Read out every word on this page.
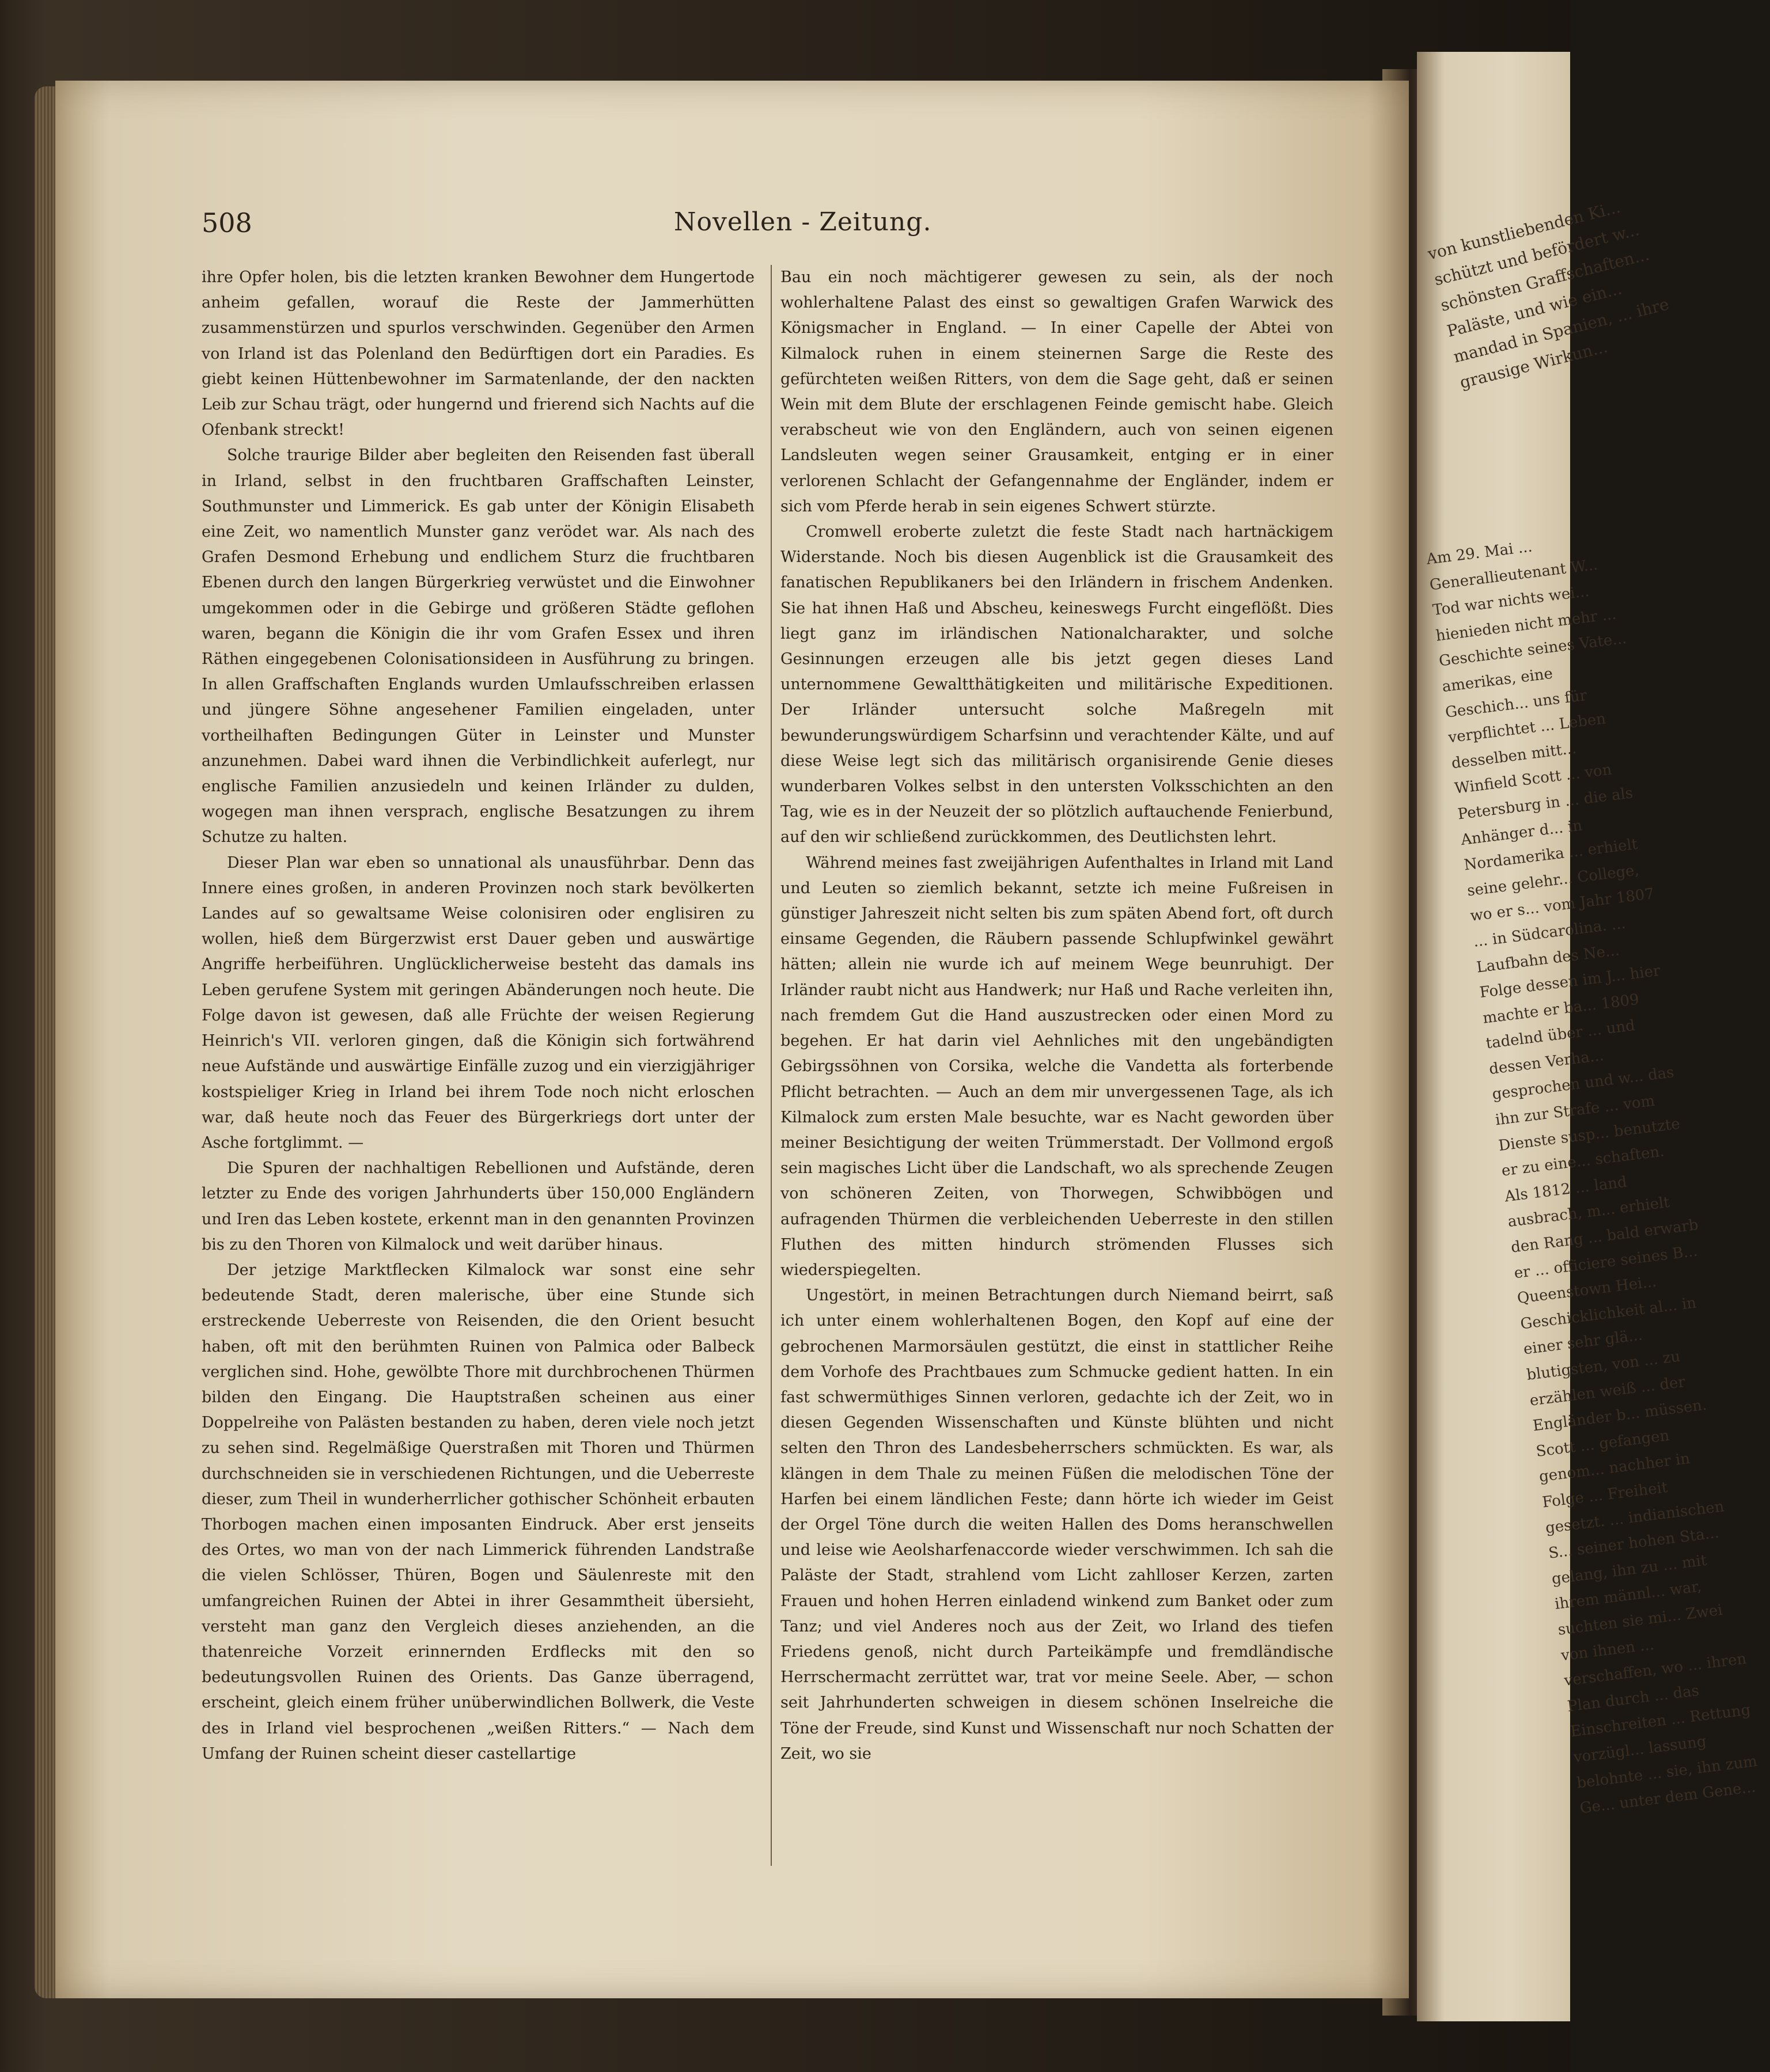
von kunstliebenden Ki... schützt und befördert w... schönsten Graffschaften... Paläste, und wie ein... mandad in Spanien, ... ihre grausige Wirkun...
Am 29. Mai ... Generallieutenant W... Tod war nichts wei... hienieden nicht mehr ... Geschichte seines Vate... amerikas, eine Geschich... uns für verpflichtet ... Leben desselben mitt... Winfield Scott ... von Petersburg in ... die als Anhänger d... in Nordamerika ... erhielt seine gelehr... College, wo er s... vom Jahr 1807 ... in Südcarolina. ... Laufbahn des Ne... Folge dessen im J... hier machte er ba... 1809 tadelnd über ... und dessen Verha... gesprochen und w... das ihn zur Strafe ... vom Dienste susp... benutzte er zu eine... schaften. Als 1812 ... land ausbrach, m... erhielt den Rang ... bald erwarb er ... officiere seines B... Queenstown Hei... Geschicklichkeit al... in einer sehr glä... blutigsten, von ... zu erzählen weiß ... der Engländer b... müssen. Scott ... gefangen genom... nachher in Folge ... Freiheit gesetzt. ... indianischen S... seiner hohen Sta... gelang, ihn zu ... mit ihrem männl... war, suchten sie mi... Zwei von ihnen ... verschaffen, wo ... ihren Plan durch ... das Einschreiten ... Rettung vorzügl... lassung belohnte ... sie, ihn zum Ge... unter dem Gene...
508	Novellen - Zeitung.

ihre Opfer holen, bis die letzten kranken Bewohner dem Hungertode anheim gefallen, worauf die Reste der Jammerhütten zusammenstürzen und spurlos verschwinden. Gegenüber den Armen von Irland ist das Polenland den Bedürftigen dort ein Paradies. Es giebt keinen Hüttenbewohner im Sarmatenlande, der den nackten Leib zur Schau trägt, oder hungernd und frierend sich Nachts auf die Ofenbank streckt!

Solche traurige Bilder aber begleiten den Reisenden fast überall in Irland, selbst in den fruchtbaren Graffschaften Leinster, Southmunster und Limmerick. Es gab unter der Königin Elisabeth eine Zeit, wo namentlich Munster ganz verödet war. Als nach des Grafen Desmond Erhebung und endlichem Sturz die fruchtbaren Ebenen durch den langen Bürgerkrieg verwüstet und die Einwohner umgekommen oder in die Gebirge und größeren Städte geflohen waren, begann die Königin die ihr vom Grafen Essex und ihren Räthen eingegebenen Colonisationsideen in Ausführung zu bringen. In allen Graffschaften Englands wurden Umlaufsschreiben erlassen und jüngere Söhne angesehener Familien eingeladen, unter vortheilhaften Bedingungen Güter in Leinster und Munster anzunehmen. Dabei ward ihnen die Verbindlichkeit auferlegt, nur englische Familien anzusiedeln und keinen Irländer zu dulden, wogegen man ihnen versprach, englische Besatzungen zu ihrem Schutze zu halten.

Dieser Plan war eben so unnational als unausführbar. Denn das Innere eines großen, in anderen Provinzen noch stark bevölkerten Landes auf so gewaltsame Weise colonisiren oder englisiren zu wollen, hieß dem Bürgerzwist erst Dauer geben und auswärtige Angriffe herbeiführen. Unglücklicherweise besteht das damals ins Leben gerufene System mit geringen Abänderungen noch heute. Die Folge davon ist gewesen, daß alle Früchte der weisen Regierung Heinrich's VII. verloren gingen, daß die Königin sich fortwährend neue Aufstände und auswärtige Einfälle zuzog und ein vierzigjähriger kostspieliger Krieg in Irland bei ihrem Tode noch nicht erloschen war, daß heute noch das Feuer des Bürgerkriegs dort unter der Asche fortglimmt. —

Die Spuren der nachhaltigen Rebellionen und Aufstände, deren letzter zu Ende des vorigen Jahrhunderts über 150,000 Engländern und Iren das Leben kostete, erkennt man in den genannten Provinzen bis zu den Thoren von Kilmalock und weit darüber hinaus.

Der jetzige Marktflecken Kilmalock war sonst eine sehr bedeutende Stadt, deren malerische, über eine Stunde sich erstreckende Ueberreste von Reisenden, die den Orient besucht haben, oft mit den berühmten Ruinen von Palmica oder Balbeck verglichen sind. Hohe, gewölbte Thore mit durchbrochenen Thürmen bilden den Eingang. Die Hauptstraßen scheinen aus einer Doppelreihe von Palästen bestanden zu haben, deren viele noch jetzt zu sehen sind. Regelmäßige Querstraßen mit Thoren und Thürmen durchschneiden sie in verschiedenen Richtungen, und die Ueberreste dieser, zum Theil in wunderherrlicher gothischer Schönheit erbauten Thorbogen machen einen imposanten Eindruck. Aber erst jenseits des Ortes, wo man von der nach Limmerick führenden Landstraße die vielen Schlösser, Thüren, Bogen und Säulenreste mit den umfangreichen Ruinen der Abtei in ihrer Gesammtheit übersieht, versteht man ganz den Vergleich dieses anziehenden, an die thatenreiche Vorzeit erinnernden Erdflecks mit den so bedeutungsvollen Ruinen des Orients. Das Ganze überragend, erscheint, gleich einem früher unüberwindlichen Bollwerk, die Veste des in Irland viel besprochenen „weißen Ritters.“ — Nach dem Umfang der Ruinen scheint dieser castellartige

Bau ein noch mächtigerer gewesen zu sein, als der noch wohlerhaltene Palast des einst so gewaltigen Grafen Warwick des Königsmacher in England. — In einer Capelle der Abtei von Kilmalock ruhen in einem steinernen Sarge die Reste des gefürchteten weißen Ritters, von dem die Sage geht, daß er seinen Wein mit dem Blute der erschlagenen Feinde gemischt habe. Gleich verabscheut wie von den Engländern, auch von seinen eigenen Landsleuten wegen seiner Grausamkeit, entging er in einer verlorenen Schlacht der Gefangennahme der Engländer, indem er sich vom Pferde herab in sein eigenes Schwert stürzte.

Cromwell eroberte zuletzt die feste Stadt nach hartnäckigem Widerstande. Noch bis diesen Augenblick ist die Grausamkeit des fanatischen Republikaners bei den Irländern in frischem Andenken. Sie hat ihnen Haß und Abscheu, keineswegs Furcht eingeflößt. Dies liegt ganz im irländischen Nationalcharakter, und solche Gesinnungen erzeugen alle bis jetzt gegen dieses Land unternommene Gewaltthätigkeiten und militärische Expeditionen. Der Irländer untersucht solche Maßregeln mit bewunderungswürdigem Scharfsinn und verachtender Kälte, und auf diese Weise legt sich das militärisch organisirende Genie dieses wunderbaren Volkes selbst in den untersten Volksschichten an den Tag, wie es in der Neuzeit der so plötzlich auftauchende Fenierbund, auf den wir schließend zurückkommen, des Deutlichsten lehrt.

Während meines fast zweijährigen Aufenthaltes in Irland mit Land und Leuten so ziemlich bekannt, setzte ich meine Fußreisen in günstiger Jahreszeit nicht selten bis zum späten Abend fort, oft durch einsame Gegenden, die Räubern passende Schlupfwinkel gewährt hätten; allein nie wurde ich auf meinem Wege beunruhigt. Der Irländer raubt nicht aus Handwerk; nur Haß und Rache verleiten ihn, nach fremdem Gut die Hand auszustrecken oder einen Mord zu begehen. Er hat darin viel Aehnliches mit den ungebändigten Gebirgssöhnen von Corsika, welche die Vandetta als forterbende Pflicht betrachten. — Auch an dem mir unvergessenen Tage, als ich Kilmalock zum ersten Male besuchte, war es Nacht geworden über meiner Besichtigung der weiten Trümmerstadt. Der Vollmond ergoß sein magisches Licht über die Landschaft, wo als sprechende Zeugen von schöneren Zeiten, von Thorwegen, Schwibbögen und aufragenden Thürmen die verbleichenden Ueberreste in den stillen Fluthen des mitten hindurch strömenden Flusses sich wiederspiegelten.

Ungestört, in meinen Betrachtungen durch Niemand beirrt, saß ich unter einem wohlerhaltenen Bogen, den Kopf auf eine der gebrochenen Marmorsäulen gestützt, die einst in stattlicher Reihe dem Vorhofe des Prachtbaues zum Schmucke gedient hatten. In ein fast schwermüthiges Sinnen verloren, gedachte ich der Zeit, wo in diesen Gegenden Wissenschaften und Künste blühten und nicht selten den Thron des Landesbeherrschers schmückten. Es war, als klängen in dem Thale zu meinen Füßen die melodischen Töne der Harfen bei einem ländlichen Feste; dann hörte ich wieder im Geist der Orgel Töne durch die weiten Hallen des Doms heranschwellen und leise wie Aeolsharfenaccorde wieder verschwimmen. Ich sah die Paläste der Stadt, strahlend vom Licht zahlloser Kerzen, zarten Frauen und hohen Herren einladend winkend zum Banket oder zum Tanz; und viel Anderes noch aus der Zeit, wo Irland des tiefen Friedens genoß, nicht durch Parteikämpfe und fremdländische Herrschermacht zerrüttet war, trat vor meine Seele. Aber, — schon seit Jahrhunderten schweigen in diesem schönen Inselreiche die Töne der Freude, sind Kunst und Wissenschaft nur noch Schatten der Zeit, wo sie
